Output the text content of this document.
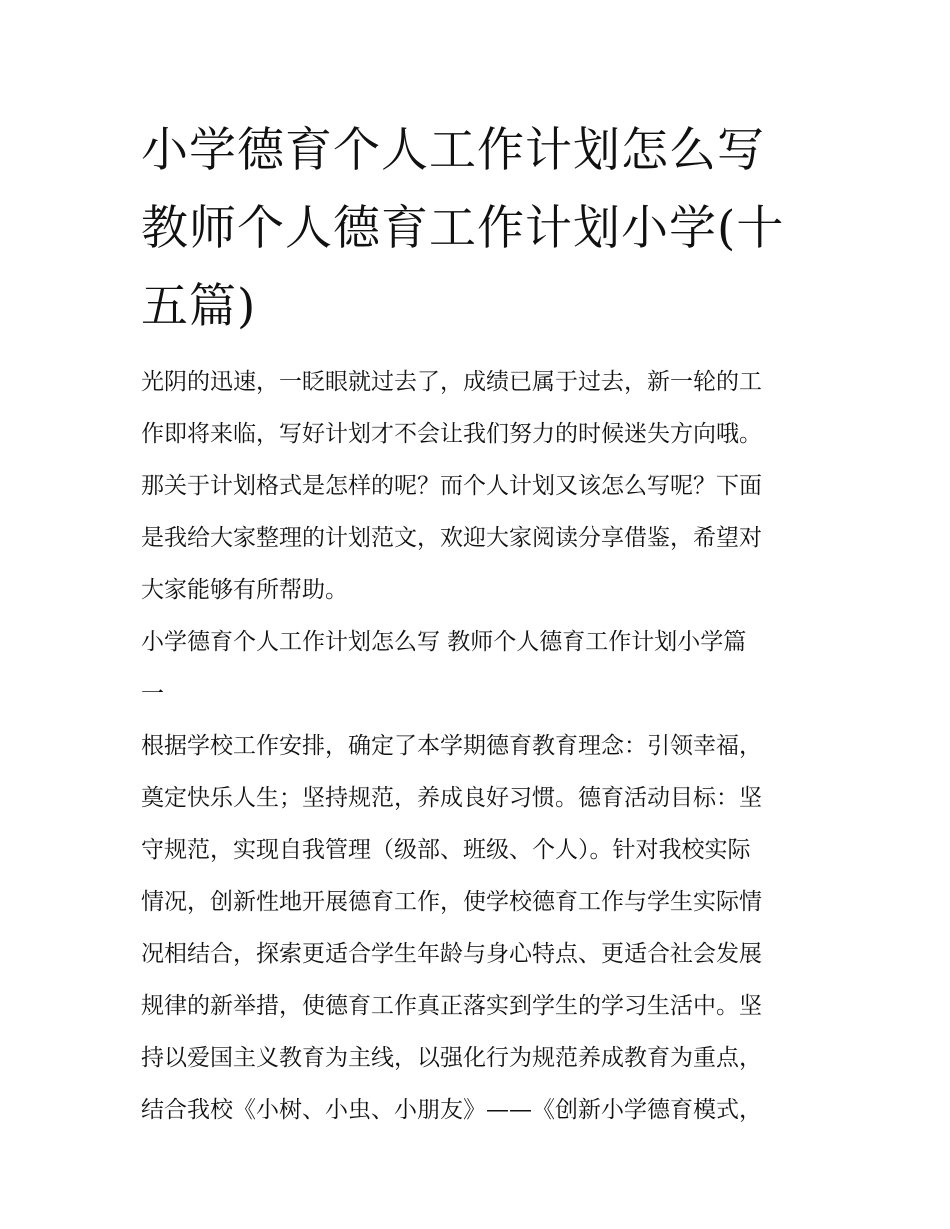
小学德育个人工作计划怎么写
教师个人德育工作计划小学(十
五篇)

光阴的迅速，一眨眼就过去了，成绩已属于过去，新一轮的工
作即将来临，写好计划才不会让我们努力的时候迷失方向哦。
那关于计划格式是怎样的呢？而个人计划又该怎么写呢？下面
是我给大家整理的计划范文，欢迎大家阅读分享借鉴，希望对
大家能够有所帮助。

小学德育个人工作计划怎么写 教师个人德育工作计划小学篇
一

根据学校工作安排，确定了本学期德育教育理念：引领幸福，
奠定快乐人生；坚持规范，养成良好习惯。德育活动目标：坚
守规范，实现自我管理（级部、班级、个人）。针对我校实际
情况，创新性地开展德育工作，使学校德育工作与学生实际情
况相结合，探索更适合学生年龄与身心特点、更适合社会发展
规律的新举措，使德育工作真正落实到学生的学习生活中。坚
持以爱国主义教育为主线，以强化行为规范养成教育为重点，
结合我校《小树、小虫、小朋友》——《创新小学德育模式，
